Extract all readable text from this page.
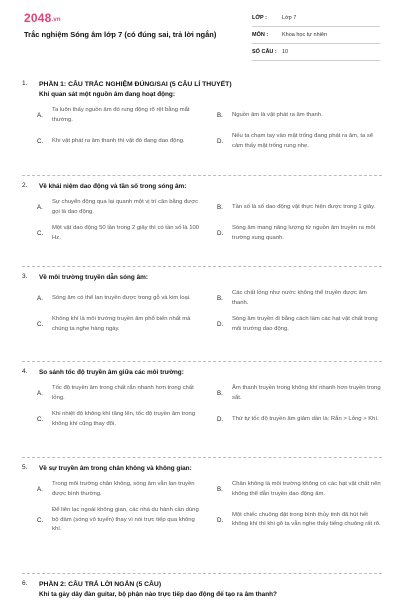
2048.vn
Trắc nghiệm Sóng âm lớp 7 (có đúng sai, trả lời ngắn)
LỚP :	Lớp 7
MÔN :	Khoa học tự nhiên
SỐ CÂU : 10
1.	PHẦN 1: CÂU TRẮC NGHIỆM ĐÚNG/SAI (5 CÂU LÍ THUYẾT)
Khi quan sát một nguồn âm đang hoạt động:
A.
Ta luôn thấy nguồn âm đó rung động rõ rệt bằng mắt thường.
B.	Nguồn âm là vật phát ra âm thanh.
C.	Khi vật phát ra âm thanh thì vật đó đang dao động.	D.
Nếu ta chạm tay vào mặt trống đang phát ra âm, ta sẽ cảm thấy mặt trống rung nhẹ.
2.	Về khái niệm dao động và tần số trong sóng âm:
A.
Sự chuyển động qua lại quanh một vị trí cân bằng được gọi là dao động.
B.	Tần số là số dao động vật thực hiện được trong 1 giây.
C.
Một vật dao động 50 lần trong 2 giây thì có tần số là 100 Hz.
D.
Sóng âm mang năng lượng từ nguồn âm truyền ra môi trường xung quanh.
3.	Về môi trường truyền dẫn sóng âm:
A.	Sóng âm có thể lan truyền được trong gỗ và kim loại.	B.
Các chất lỏng như nước không thể truyền được âm thanh.
C.
Không khí là môi trường truyền âm phổ biến nhất mà chúng ta nghe hàng ngày.
D.
Sóng âm truyền đi bằng cách làm các hạt vật chất trong môi trường dao động.
4.	So sánh tốc độ truyền âm giữa các môi trường:
A.
Tốc độ truyền âm trong chất rắn nhanh hơn trong chất lỏng.
B.
Âm thanh truyền trong không khí nhanh hơn truyền trong sắt.
C.
Khi nhiệt độ không khí tăng lên, tốc độ truyền âm trong không khí cũng thay đổi.
D.	Thứ tự tốc độ truyền âm giảm dần là: Rắn > Lỏng > Khí.
5.	Về sự truyền âm trong chân không và không gian:
A.
Trong môi trường chân không, sóng âm vẫn lan truyền được bình thường.
B.
Chân không là môi trường không có các hạt vật chất nên không thể dẫn truyền dao động âm.
C.
Để liên lạc ngoài không gian, các nhà du hành cần dùng bộ đàm (sóng vô tuyến) thay vì nói trực tiếp qua không khí.
D.
Một chiếc chuông đặt trong bình thủy tinh đã hút hết không khí thì khi gõ ta vẫn nghe thấy tiếng chuông rất rõ.
6.	PHẦN 2: CÂU TRẢ LỜI NGẮN (5 CÂU)
Khi ta gảy dây đàn guitar, bộ phận nào trực tiếp dao động để tạo ra âm thanh?
